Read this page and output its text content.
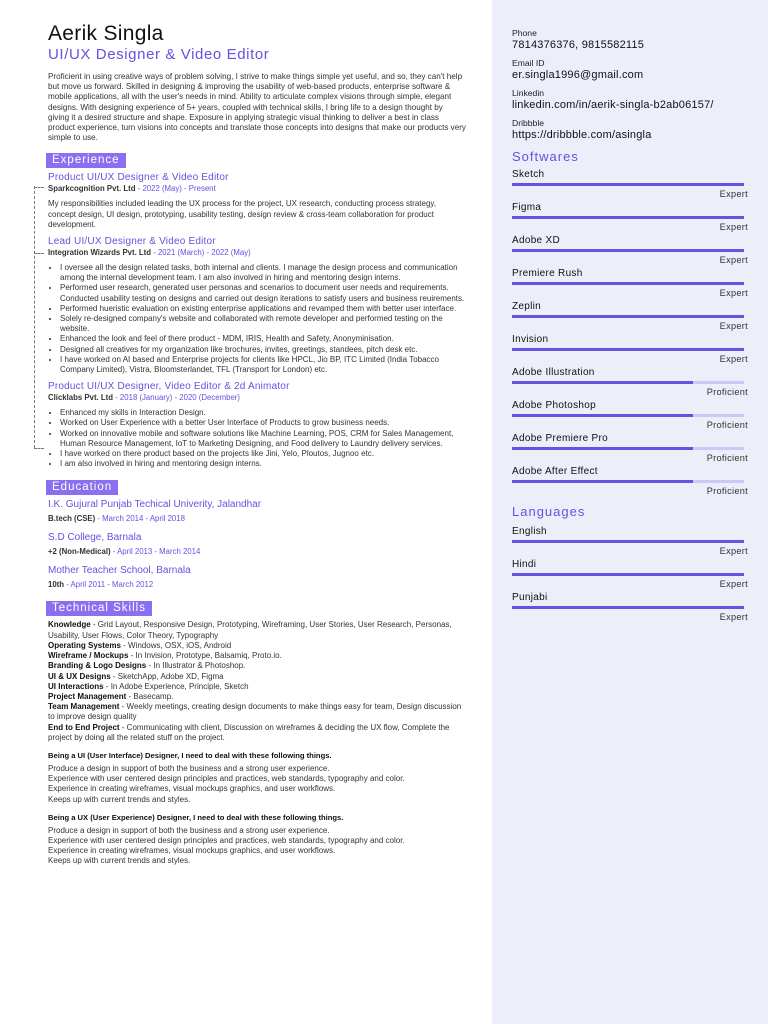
Aerik Singla
UI/UX Designer & Video Editor
Proficient in using creative ways of problem solving, I strive to make things simple yet useful, and so, they can't help but move us forward. Skilled in designing & improving the usability of web-based products, enterprise software & mobile applications, all with the user's needs in mind. Ability to articulate complex visions through simple, elegant designs. With designing experience of 5+ years, coupled with technical skills, I bring life to a design thought by giving it a desired structure and shape. Exposure in applying strategic visual thinking to deliver a best in class product experience, turn visions into concepts and translate those concepts into designs that make our products very simple to use.
Experience
Product UI/UX Designer & Video Editor
Sparkcognition Pvt. Ltd - 2022 (May) - Present
My responsibilities included leading the UX process for the project, UX research, conducting process strategy, concept design, UI design, prototyping, usability testing, design review & cross-team collaboration for product development.
Lead UI/UX Designer & Video Editor
Integration Wizards Pvt. Ltd - 2021 (March) - 2022 (May)
• I oversee all the design related tasks, both internal and clients. I manage the design process and communication among the internal development team. I am also involved in hiring and mentoring design interns.
• Performed user research, generated user personas and scenarios to document user needs and requirements. Conducted usability testing on designs and carried out design iterations to satisfy users and business reuirements.
• Performed hueristic evaluation on existing enterprise applications and revamped them with better user interface.
• Solely re-designed company's website and collaborated with remote developer and performed testing on the website.
• Enhanced the look and feel of there product - MDM, IRIS, Health and Safety, Anonyminisation.
• Designed all creatives for my organization like brochures, invites, greetings, standees, pitch desk etc.
• I have worked on AI based and Enterprise projects for clients like HPCL, Jio BP, ITC Limited (India Tobacco Company Limited), Vistra, Bloomsterlandet, TFL (Transport for London) etc.
Product UI/UX Designer, Video Editor & 2d Animator
Clicklabs Pvt. Ltd - 2018 (January) - 2020 (December)
• Enhanced my skills in Interaction Design.
• Worked on User Experience with a better User Interface of Products to grow business needs.
• Worked on innovative mobile and software solutions like Machine Learning, POS, CRM for Sales Management, Human Resource Management, IoT to Marketing Designing, and Food delivery to Laundry delivery services.
• I have worked on there product based on the projects like Jini, Yelo, Ploutos, Jugnoo etc.
• I am also involved in hiring and mentoring design interns.
Education
I.K. Gujural Punjab Techical Univerity, Jalandhar
B.tech (CSE) - March 2014 - April 2018
S.D College, Barnala
+2 (Non-Medical) - April 2013 - March 2014
Mother Teacher School, Barnala
10th - April 2011 - March 2012
Technical Skills
Knowledge - Grid Layout, Responsive Design, Prototyping, Wireframing, User Stories, User Research, Personas, Usability, User Flows, Color Theory, Typography
Operating Systems - Windows, OSX, iOS, Android
Wireframe / Mockups - In Invision, Prototype, Balsamiq, Proto.io.
Branding & Logo Designs - In Illustrator & Photoshop.
UI & UX Designs - SketchApp, Adobe XD, Figma
UI Interactions - In Adobe Experience, Principle, Sketch
Project Management - Basecamp.
Team Management - Weekly meetings, creating design documents to make things easy for team, Design discussion to improve design quality
End to End Project - Communicating with client, Discussion on wireframes & deciding the UX flow, Complete the project by doing all the related stuff on the project.
Being a UI (User Interface) Designer, I need to deal with these following things.
Produce a design in support of both the business and a strong user experience.
Experience with user centered design principles and practices, web standards, typography and color.
Experience in creating wireframes, visual mockups graphics, and user workflows.
Keeps up with current trends and styles.
Being a UX (User Experience) Designer, I need to deal with these following things.
Produce a design in support of both the business and a strong user experience.
Experience with user centered design principles and practices, web standards, typography and color.
Experience in creating wireframes, visual mockups graphics, and user workflows.
Keeps up with current trends and styles.
Phone
7814376376, 9815582115
Email ID
er.singla1996@gmail.com
Linkedin
linkedin.com/in/aerik-singla-b2ab06157/
Dribbble
https://dribbble.com/asingla
Softwares
Sketch
Expert
Figma
Expert
Adobe XD
Expert
Premiere Rush
Expert
Zeplin
Expert
Invision
Expert
Adobe Illustration
Proficient
Adobe Photoshop
Proficient
Adobe Premiere Pro
Proficient
Adobe After Effect
Proficient
Languages
English
Expert
Hindi
Expert
Punjabi
Expert
